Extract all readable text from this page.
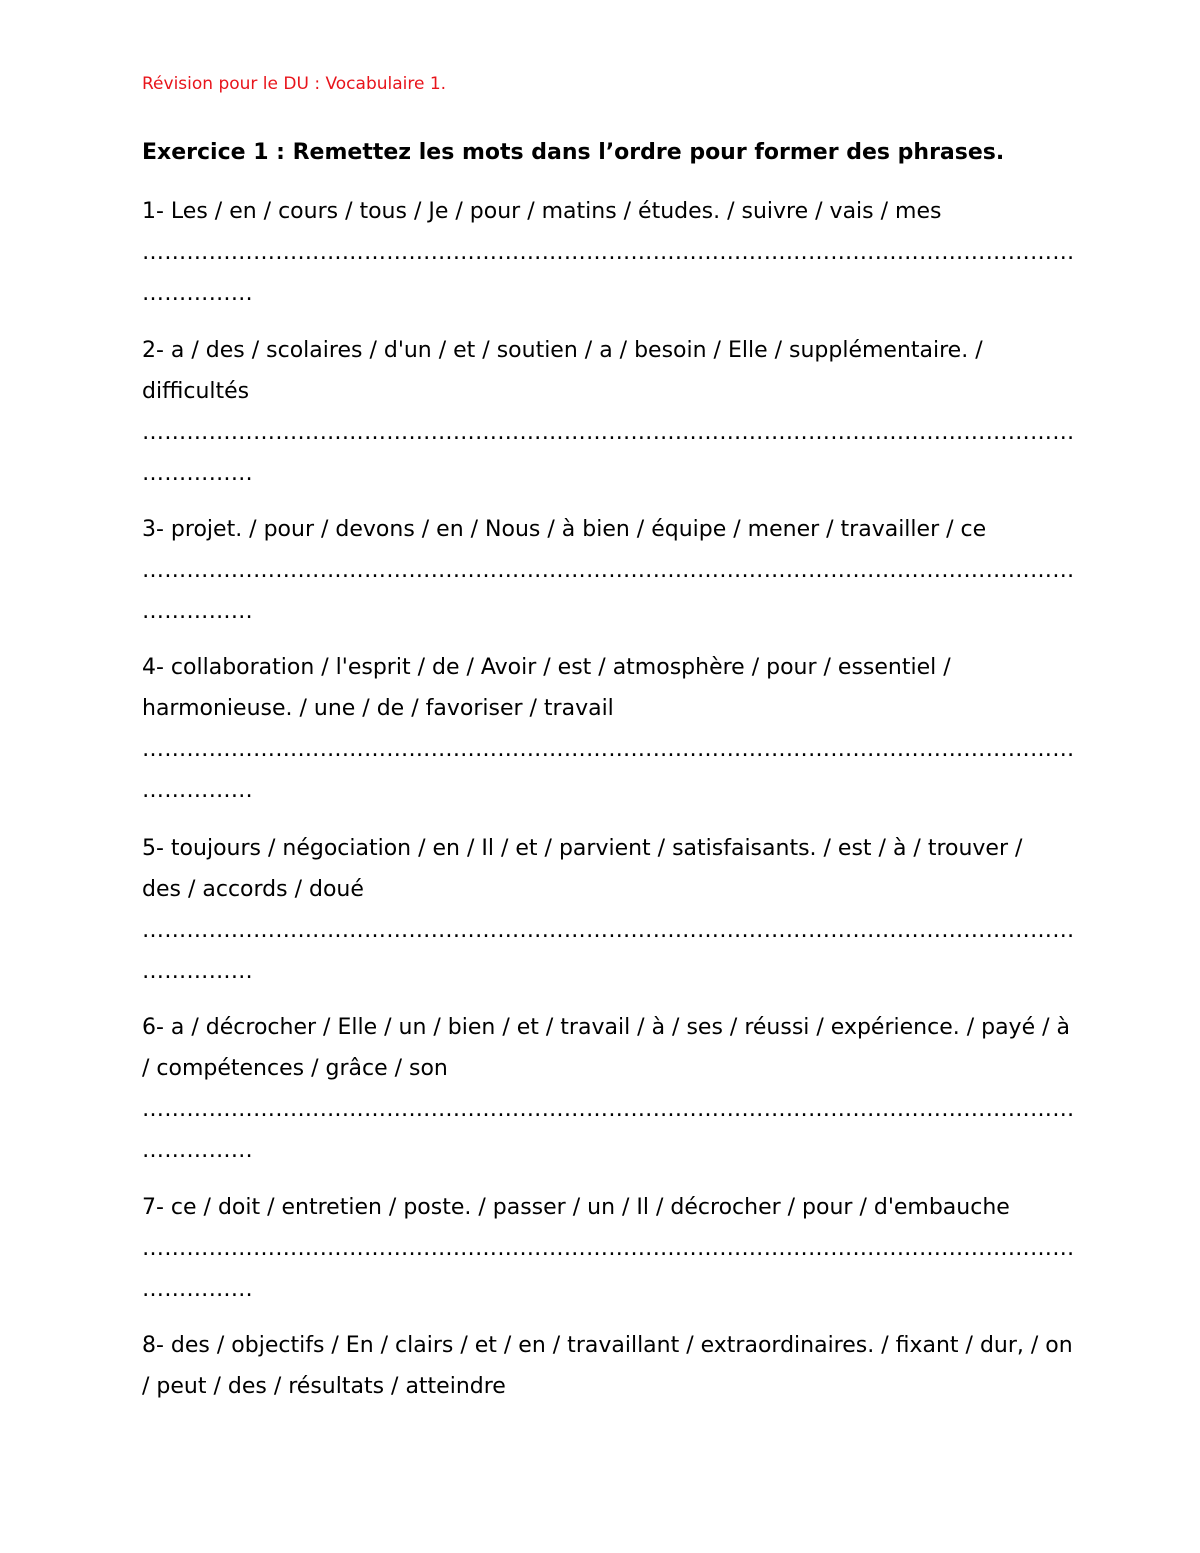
Révision pour le DU : Vocabulaire 1.
Exercice 1 : Remettez les mots dans l’ordre pour former des phrases.
1- Les / en / cours / tous / Je / pour / matins / études. / suivre / vais / mes
………………………………………………………………………………………………………………
……………
2- a / des / scolaires / d'un / et / soutien / a / besoin / Elle / supplémentaire. /
difficultés
………………………………………………………………………………………………………………
……………
3- projet. / pour / devons / en / Nous / à bien / équipe / mener / travailler / ce
………………………………………………………………………………………………………………
……………
4- collaboration / l'esprit / de / Avoir / est / atmosphère / pour / essentiel /
harmonieuse. / une / de / favoriser / travail
………………………………………………………………………………………………………………
……………
5- toujours / négociation / en / Il / et / parvient / satisfaisants. / est / à / trouver /
des / accords / doué
………………………………………………………………………………………………………………
……………
6- a / décrocher / Elle / un / bien / et / travail / à / ses / réussi / expérience. / payé / à
/ compétences / grâce / son
………………………………………………………………………………………………………………
……………
7- ce / doit / entretien / poste. / passer / un / Il / décrocher / pour / d'embauche
………………………………………………………………………………………………………………
……………
8- des / objectifs / En / clairs / et / en / travaillant / extraordinaires. / fixant / dur, / on
/ peut / des / résultats / atteindre
